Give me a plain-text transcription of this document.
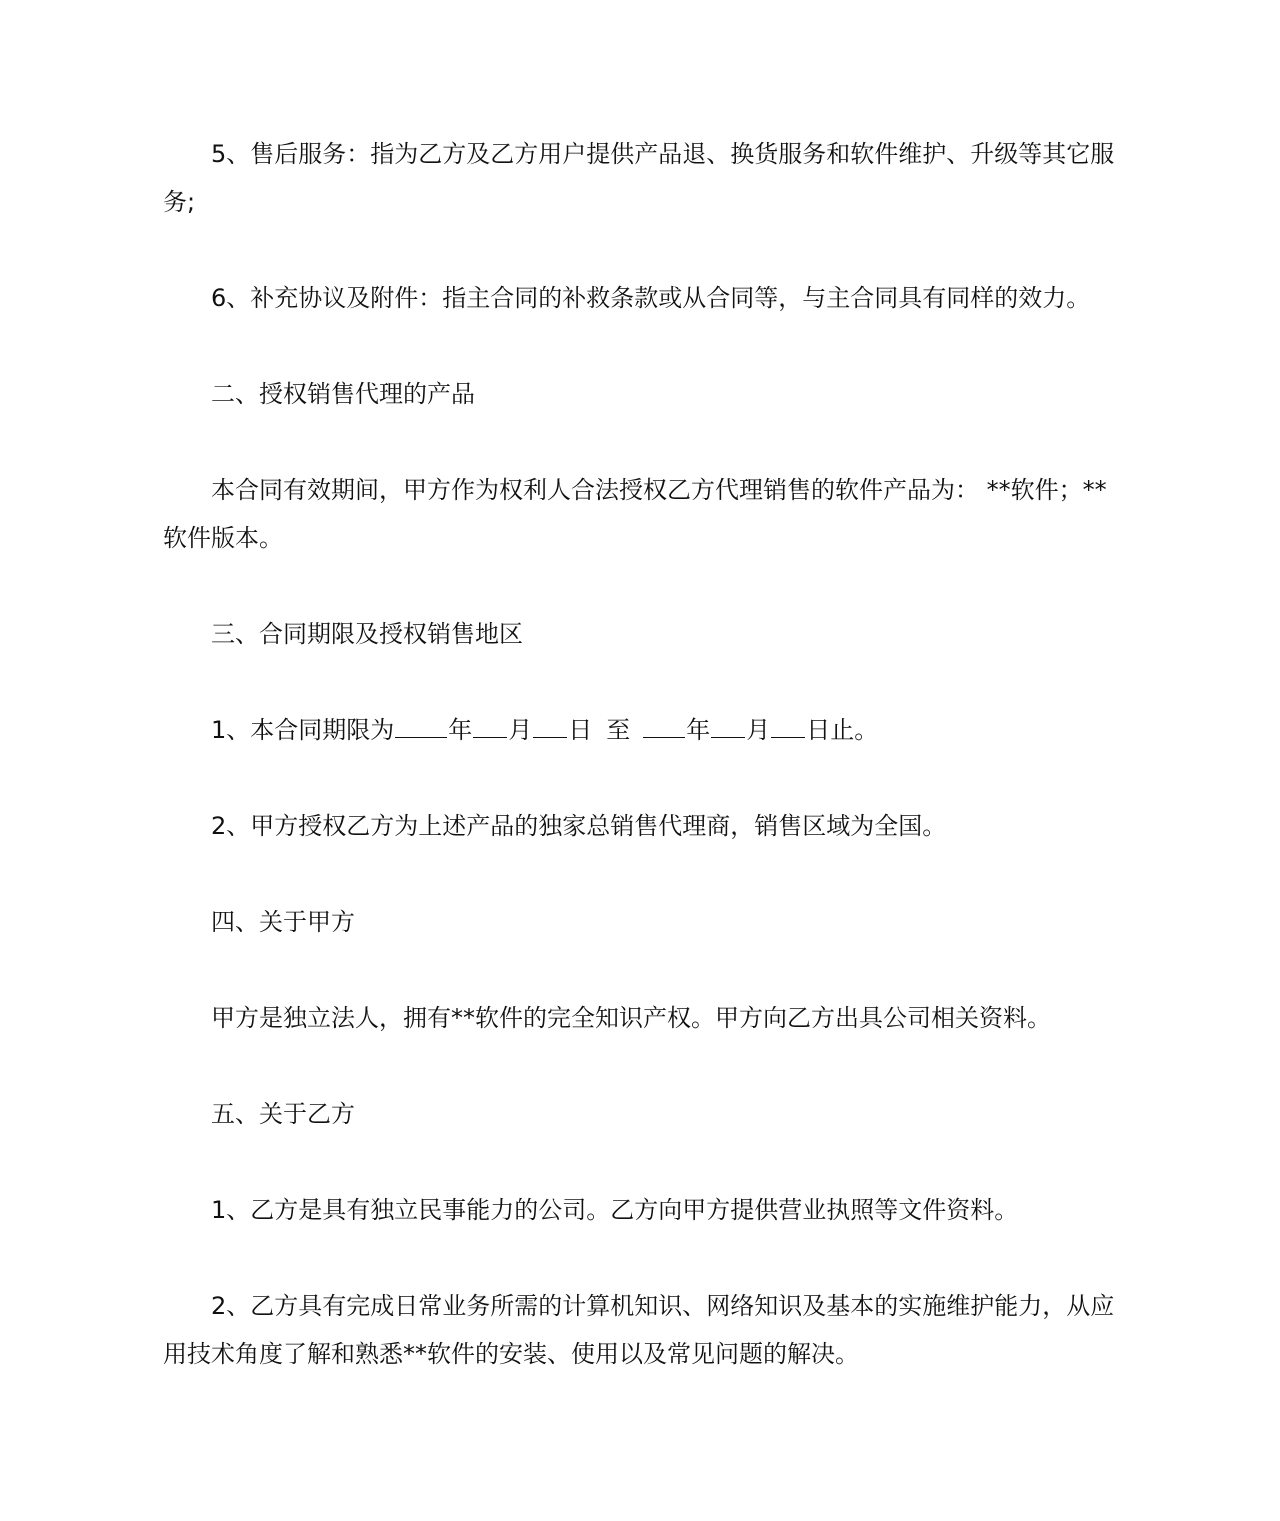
5、售后服务：指为乙方及乙方用户提供产品退、换货服务和软件维护、升级等其它服务;

6、补充协议及附件：指主合同的补救条款或从合同等，与主合同具有同样的效力。

二、授权销售代理的产品

本合同有效期间，甲方作为权利人合法授权乙方代理销售的软件产品为： **软件；**软件版本。

三、合同期限及授权销售地区

1、本合同期限为 年 月 日 至 年 月 日止。

2、甲方授权乙方为上述产品的独家总销售代理商，销售区域为全国。

四、关于甲方

甲方是独立法人，拥有**软件的完全知识产权。甲方向乙方出具公司相关资料。

五、关于乙方

1、乙方是具有独立民事能力的公司。乙方向甲方提供营业执照等文件资料。

2、乙方具有完成日常业务所需的计算机知识、网络知识及基本的实施维护能力，从应用技术角度了解和熟悉**软件的安装、使用以及常见问题的解决。
